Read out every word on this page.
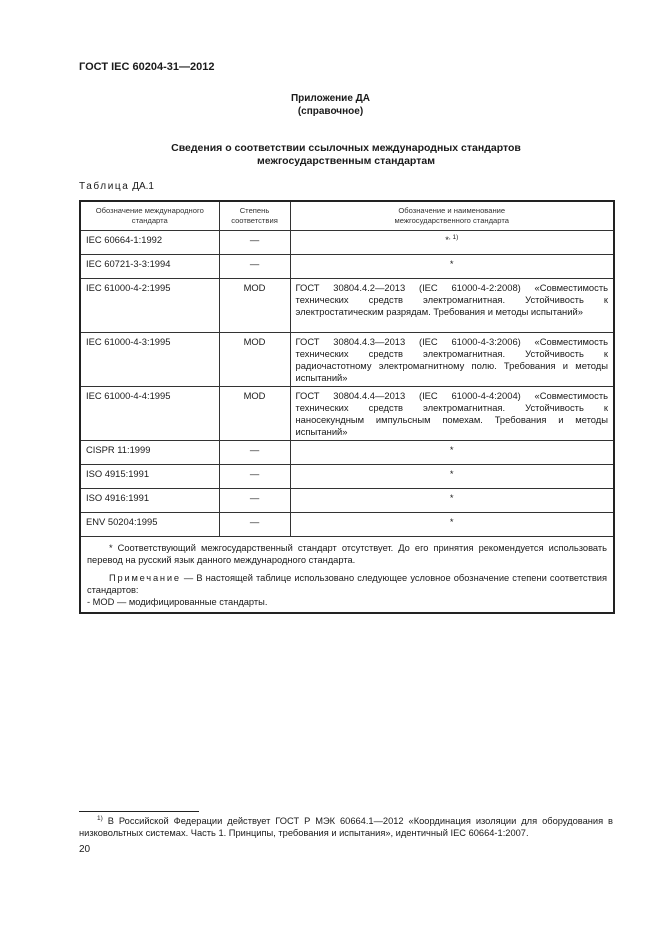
ГОСТ IEC 60204-31—2012
Приложение ДА
(справочное)
Сведения о соответствии ссылочных международных стандартов
межгосударственным стандартам
Таблица ДА.1
Обозначение международного стандарта	Степень соответствия	Обозначение и наименование межгосударственного стандарта
IEC 60664-1:1992	—	*$^{, 1)}$
IEC 60721-3-3:1994	—	*
IEC 61000-4-2:1995	MOD	ГОСТ 30804.4.2—2013 (IEC 61000-4-2:2008) «Совместимость технических средств электромагнитная. Устойчивость к электростатическим разрядам. Требования и методы испытаний»
IEC 61000-4-3:1995	MOD	ГОСТ 30804.4.3—2013 (IEC 61000-4-3:2006) «Совместимость технических средств электромагнитная. Устойчивость к радиочастотному электромагнитному полю. Требования и методы испытаний»
IEC 61000-4-4:1995	MOD	ГОСТ 30804.4.4—2013 (IEC 61000-4-4:2004) «Совместимость технических средств электромагнитная. Устойчивость к наносекундным импульсным помехам. Требования и методы испытаний»
CISPR 11:1999	—	*
ISO 4915:1991	—	*
ISO 4916:1991	—	*
ENV 50204:1995	—	*

* Соответствующий межгосударственный стандарт отсутствует. До его принятия рекомендуется использовать перевод на русский язык данного международного стандарта.

Примечание — В настоящей таблице использовано следующее условное обозначение степени соответствия стандартов:

- MOD — модифицированные стандарты.		

$^{1)}$ В Российской Федерации действует ГОСТ Р МЭК 60664.1—2012 «Координация изоляции для оборудования в низковольтных системах. Часть 1. Принципы, требования и испытания», идентичный IEC 60664-1:2007.
20
